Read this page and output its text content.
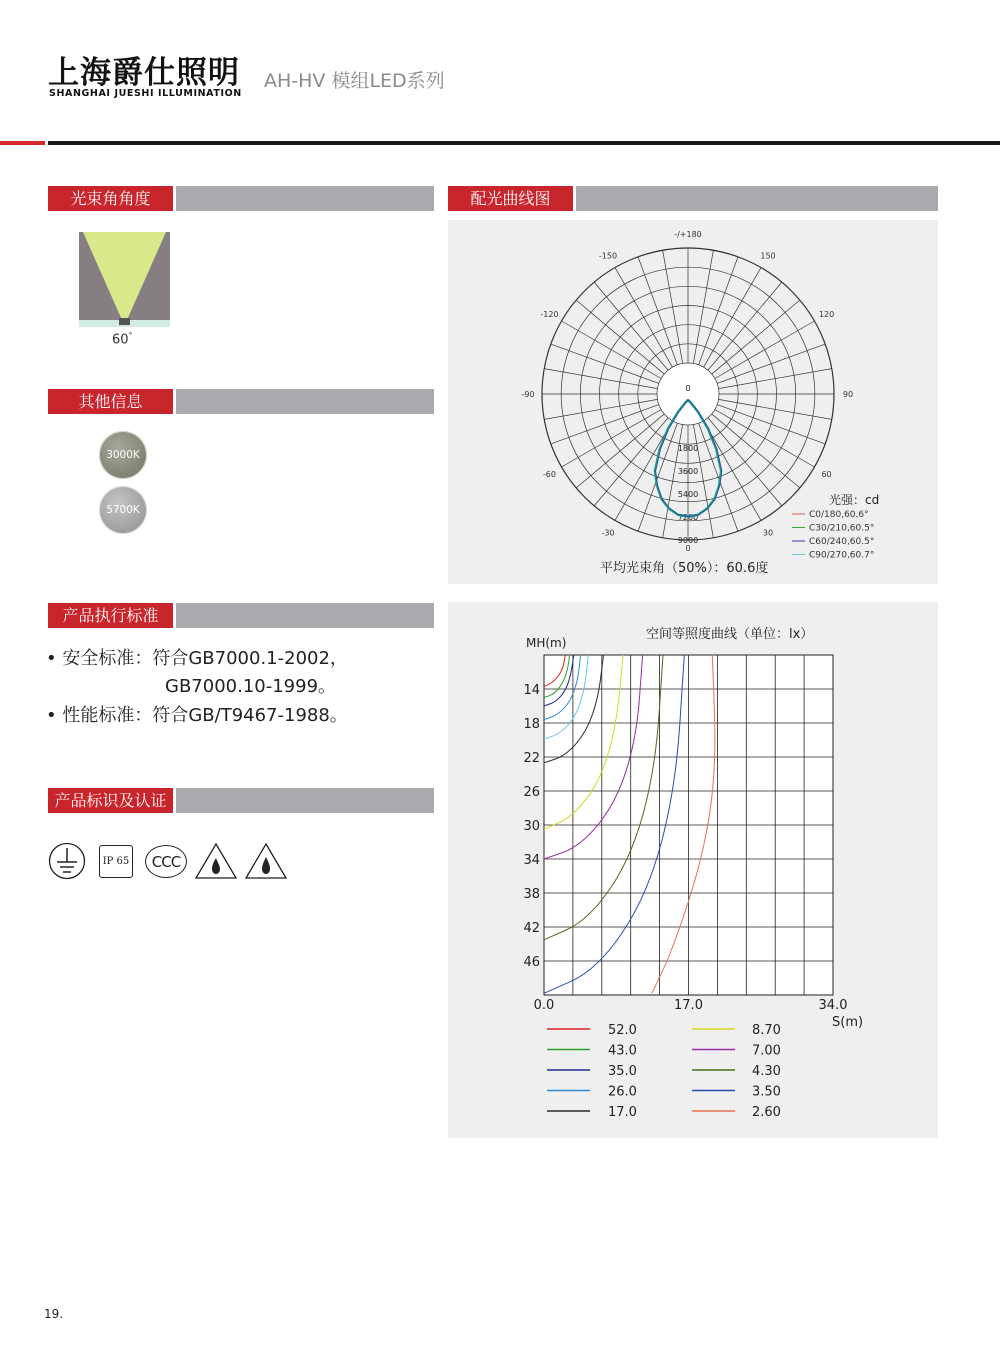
上海爵仕照明
SHANGHAI JUESHI ILLUMINATION
AH-HV 模组LED系列
光束角角度
60°
其他信息
3000K
5700K
产品执行标准
• 安全标准：符合GB7000.1-2002，
GB7000.10-1999。
• 性能标准：符合GB/T9467-1988。
产品标识及认证
IP 65	CCC
配光曲线图
-/+180
150
120
90
60
30
0
-30
-60
-90
-120
-150
0
1800
3600
5400
7200
9000
光强：cd
C0/180,60.6°
C30/210,60.5°
C60/240,60.5°
C90/270,60.7°
平均光束角（50%）：60.6度
14
18
22
26
30
34
38
42
46
0.0	17.0	34.0
MH(m)
S(m)
空间等照度曲线（单位：lx）
52.0
43.0
35.0
26.0
17.0
8.70
7.00
4.30
3.50
2.60
19.
